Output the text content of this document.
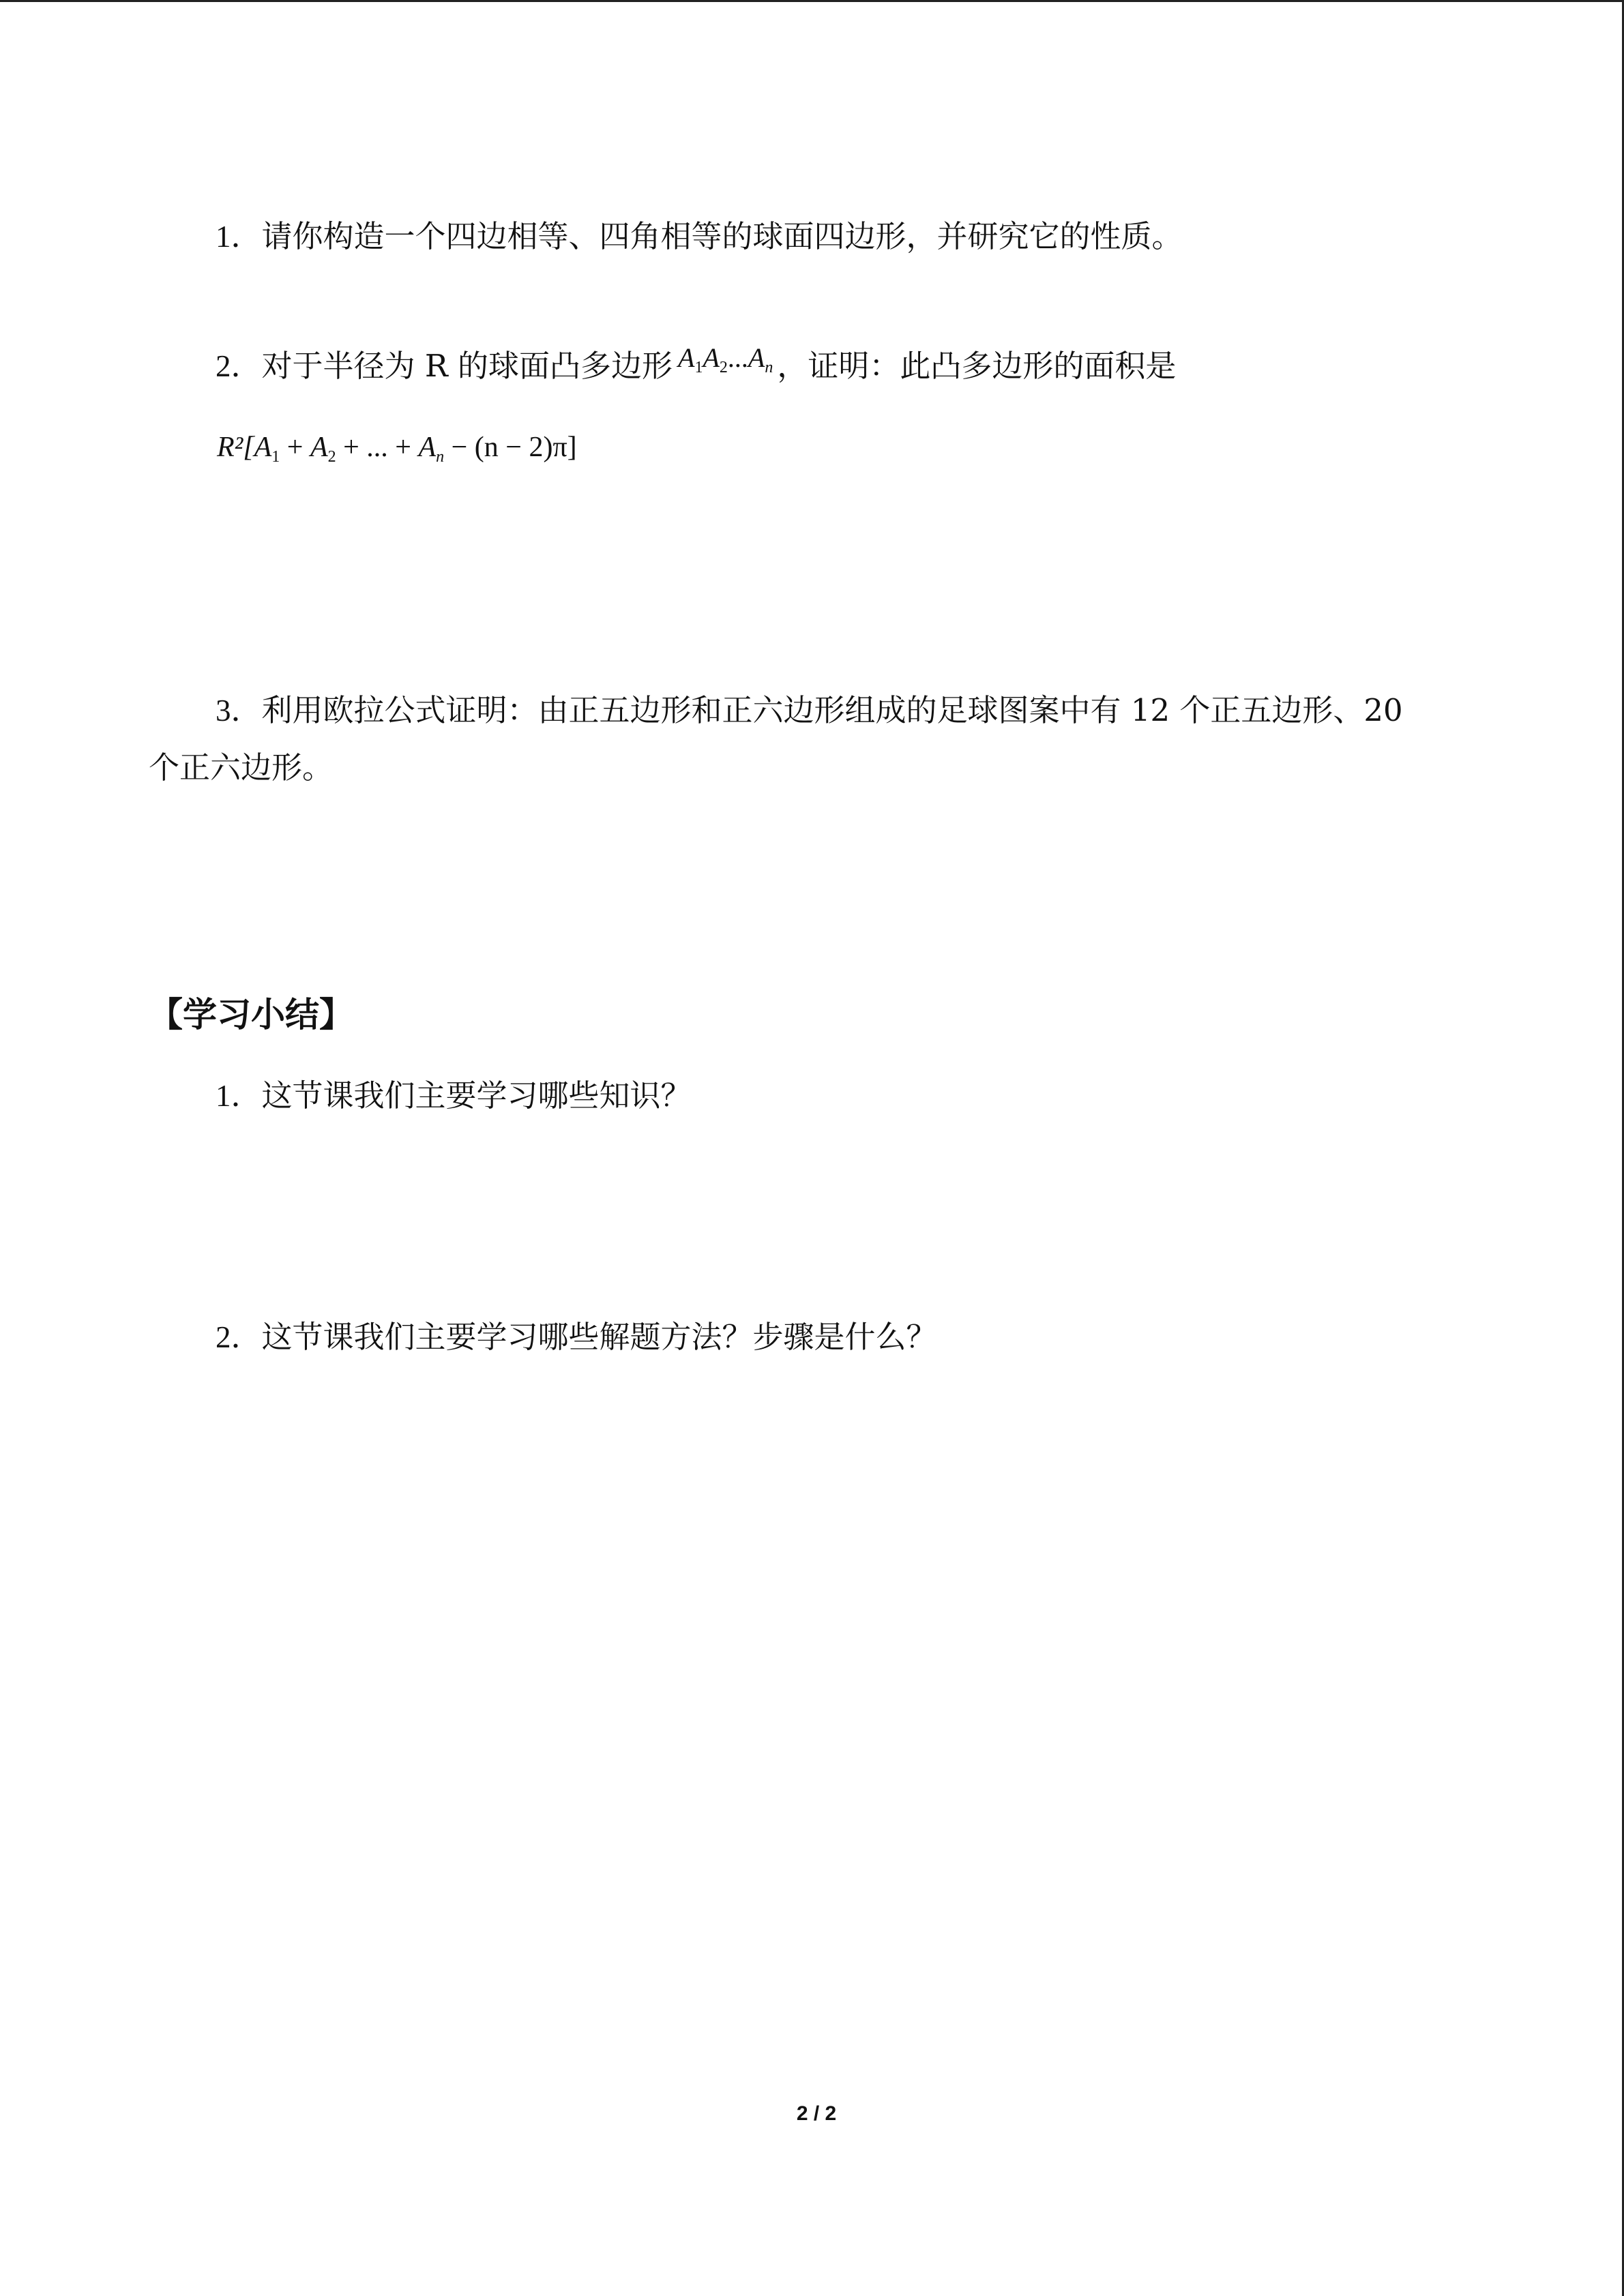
1．请你构造一个四边相等、四角相等的球面四边形，并研究它的性质。
2．对于半径为 R 的球面凸多边形 $A_1A_2...A_n$ ，证明：此凸多边形的面积是
$R^2[A_1 + A_2$ + ... + $A_n - (n - 2)\pi$]
3．利用欧拉公式证明：由正五边形和正六边形组成的足球图案中有 12 个正五边形、20
个正六边形。
【学习小结】
1．这节课我们主要学习哪些知识？
2．这节课我们主要学习哪些解题方法？步骤是什么？
2 / 2
